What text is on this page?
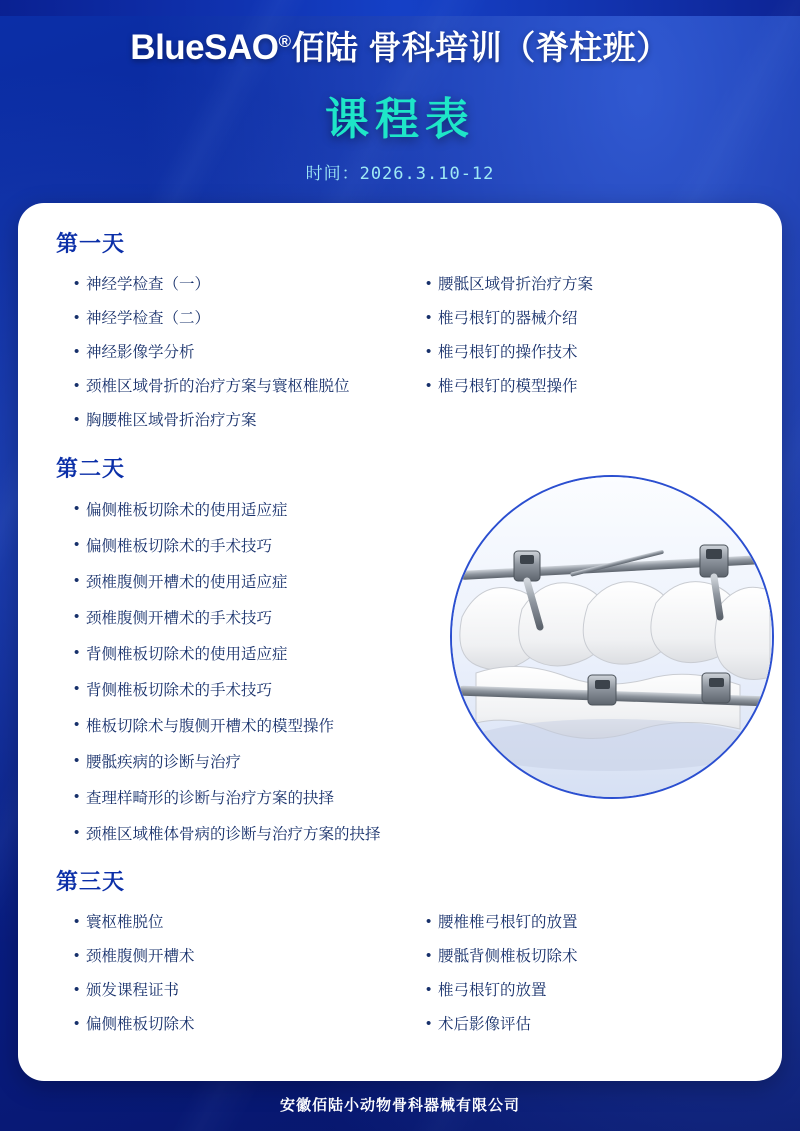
BlueSAO®佰陆 骨科培训（脊柱班）
课程表
时间：2026.3.10-12
第一天
• 神经学检查（一）
• 神经学检查（二）
• 神经影像学分析
• 颈椎区域骨折的治疗方案与寰枢椎脱位
• 胸腰椎区域骨折治疗方案
• 腰骶区域骨折治疗方案
• 椎弓根钉的器械介绍
• 椎弓根钉的操作技术
• 椎弓根钉的模型操作
第二天
• 偏侧椎板切除术的使用适应症
• 偏侧椎板切除术的手术技巧
• 颈椎腹侧开槽术的使用适应症
• 颈椎腹侧开槽术的手术技巧
• 背侧椎板切除术的使用适应症
• 背侧椎板切除术的手术技巧
• 椎板切除术与腹侧开槽术的模型操作
• 腰骶疾病的诊断与治疗
• 查理样畸形的诊断与治疗方案的抉择
• 颈椎区域椎体骨病的诊断与治疗方案的抉择
第三天
• 寰枢椎脱位
• 颈椎腹侧开槽术
• 颁发课程证书
• 偏侧椎板切除术
• 腰椎椎弓根钉的放置
• 腰骶背侧椎板切除术
• 椎弓根钉的放置
• 术后影像评估
安徽佰陆小动物骨科器械有限公司
